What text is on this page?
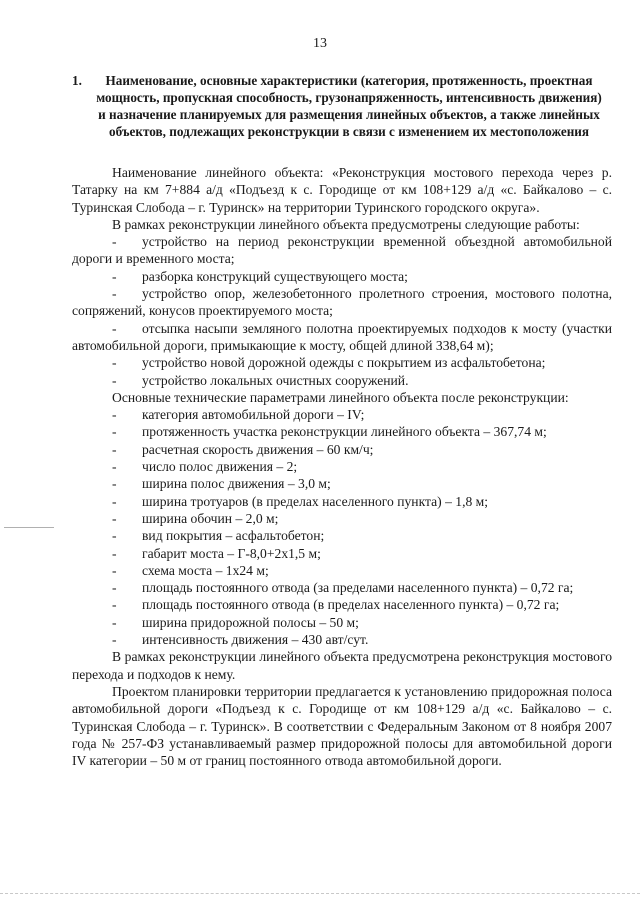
13
1. Наименование, основные характеристики (категория, протяженность, проектная мощность, пропускная способность, грузонапряженность, интенсивность движения) и назначение планируемых для размещения линейных объектов, а также линейных объектов, подлежащих реконструкции в связи с изменением их местоположения

Наименование линейного объекта: «Реконструкция мостового перехода через р. Татарку на км 7+884 а/д «Подъезд к с. Городище от км 108+129 а/д «с. Байкалово – с. Туринская Слобода – г. Туринск» на территории Туринского городского округа».

В рамках реконструкции линейного объекта предусмотрены следующие работы:

- устройство на период реконструкции временной объездной автомобильной дороги и временного моста;

- разборка конструкций существующего моста;

- устройство опор, железобетонного пролетного строения, мостового полотна, сопряжений, конусов проектируемого моста;

- отсыпка насыпи земляного полотна проектируемых подходов к мосту (участки автомобильной дороги, примыкающие к мосту, общей длиной 338,64 м);

- устройство новой дорожной одежды с покрытием из асфальтобетона;

- устройство локальных очистных сооружений.

Основные технические параметрами линейного объекта после реконструкции:

- категория автомобильной дороги – IV;

- протяженность участка реконструкции линейного объекта – 367,74 м;

- расчетная скорость движения – 60 км/ч;

- число полос движения – 2;

- ширина полос движения – 3,0 м;

- ширина тротуаров (в пределах населенного пункта) – 1,8 м;

- ширина обочин – 2,0 м;

- вид покрытия – асфальтобетон;

- габарит моста – Г-8,0+2х1,5 м;

- схема моста – 1х24 м;

- площадь постоянного отвода (за пределами населенного пункта) – 0,72 га;

- площадь постоянного отвода (в пределах населенного пункта) – 0,72 га;

- ширина придорожной полосы – 50 м;

- интенсивность движения – 430 авт/сут.

В рамках реконструкции линейного объекта предусмотрена реконструкция мостового перехода и подходов к нему.

Проектом планировки территории предлагается к установлению придорожная полоса автомобильной дороги «Подъезд к с. Городище от км 108+129 а/д «с. Байкалово – с. Туринская Слобода – г. Туринск». В соответствии с Федеральным Законом от 8 ноября 2007 года № 257-ФЗ устанавливаемый размер придорожной полосы для автомобильной дороги IV категории – 50 м от границ постоянного отвода автомобильной дороги.
